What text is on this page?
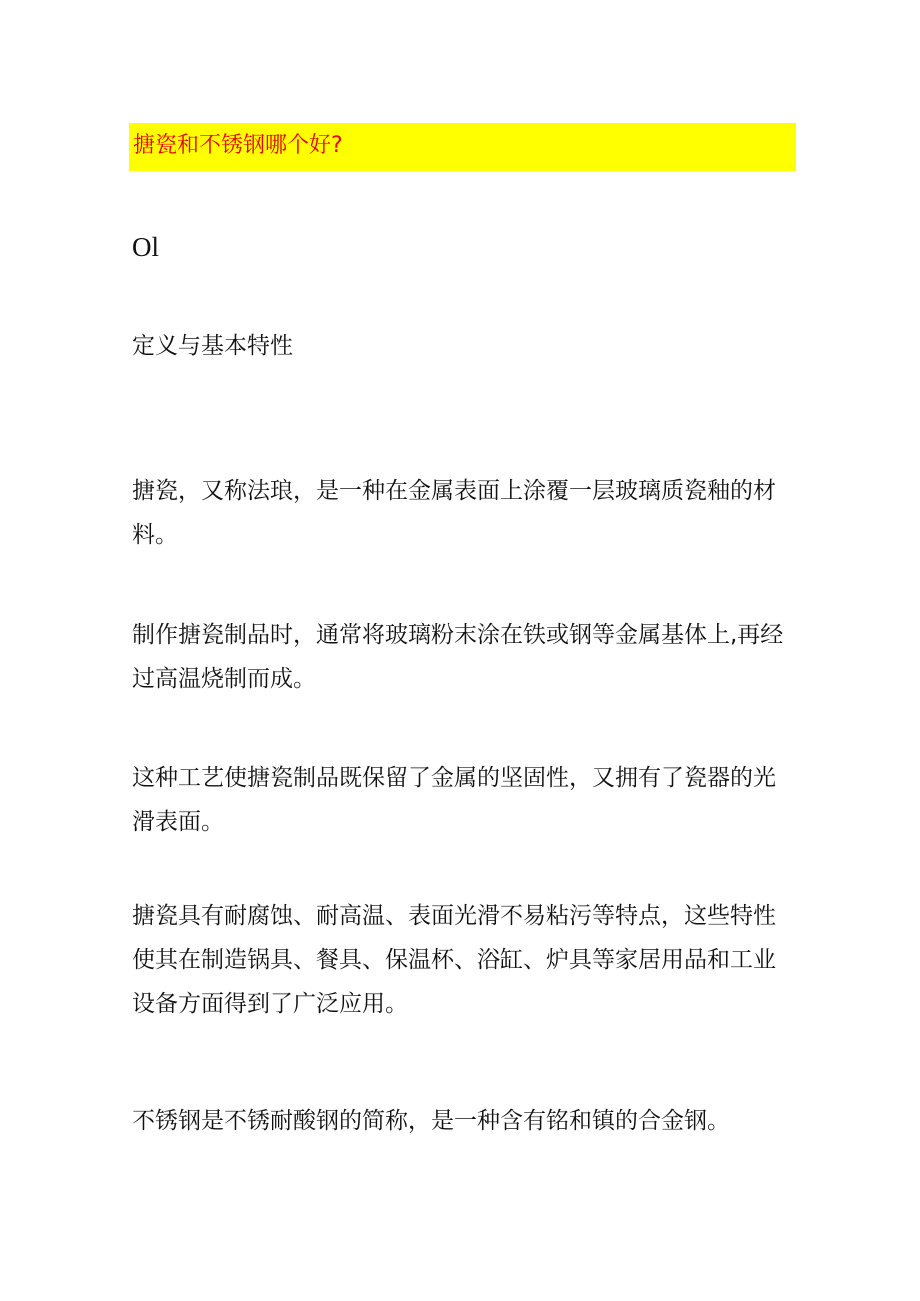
搪瓷和不锈钢哪个好?
Ol
定义与基本特性

搪瓷，又称法琅，是一种在金属表面上涂覆一层玻璃质瓷釉的材料。

制作搪瓷制品时，通常将玻璃粉末涂在铁或钢等金属基体上,再经过高温烧制而成。

这种工艺使搪瓷制品既保留了金属的坚固性，又拥有了瓷器的光滑表面。

搪瓷具有耐腐蚀、耐高温、表面光滑不易粘污等特点，这些特性使其在制造锅具、餐具、保温杯、浴缸、炉具等家居用品和工业设备方面得到了广泛应用。

不锈钢是不锈耐酸钢的简称，是一种含有铭和镇的合金钢。
